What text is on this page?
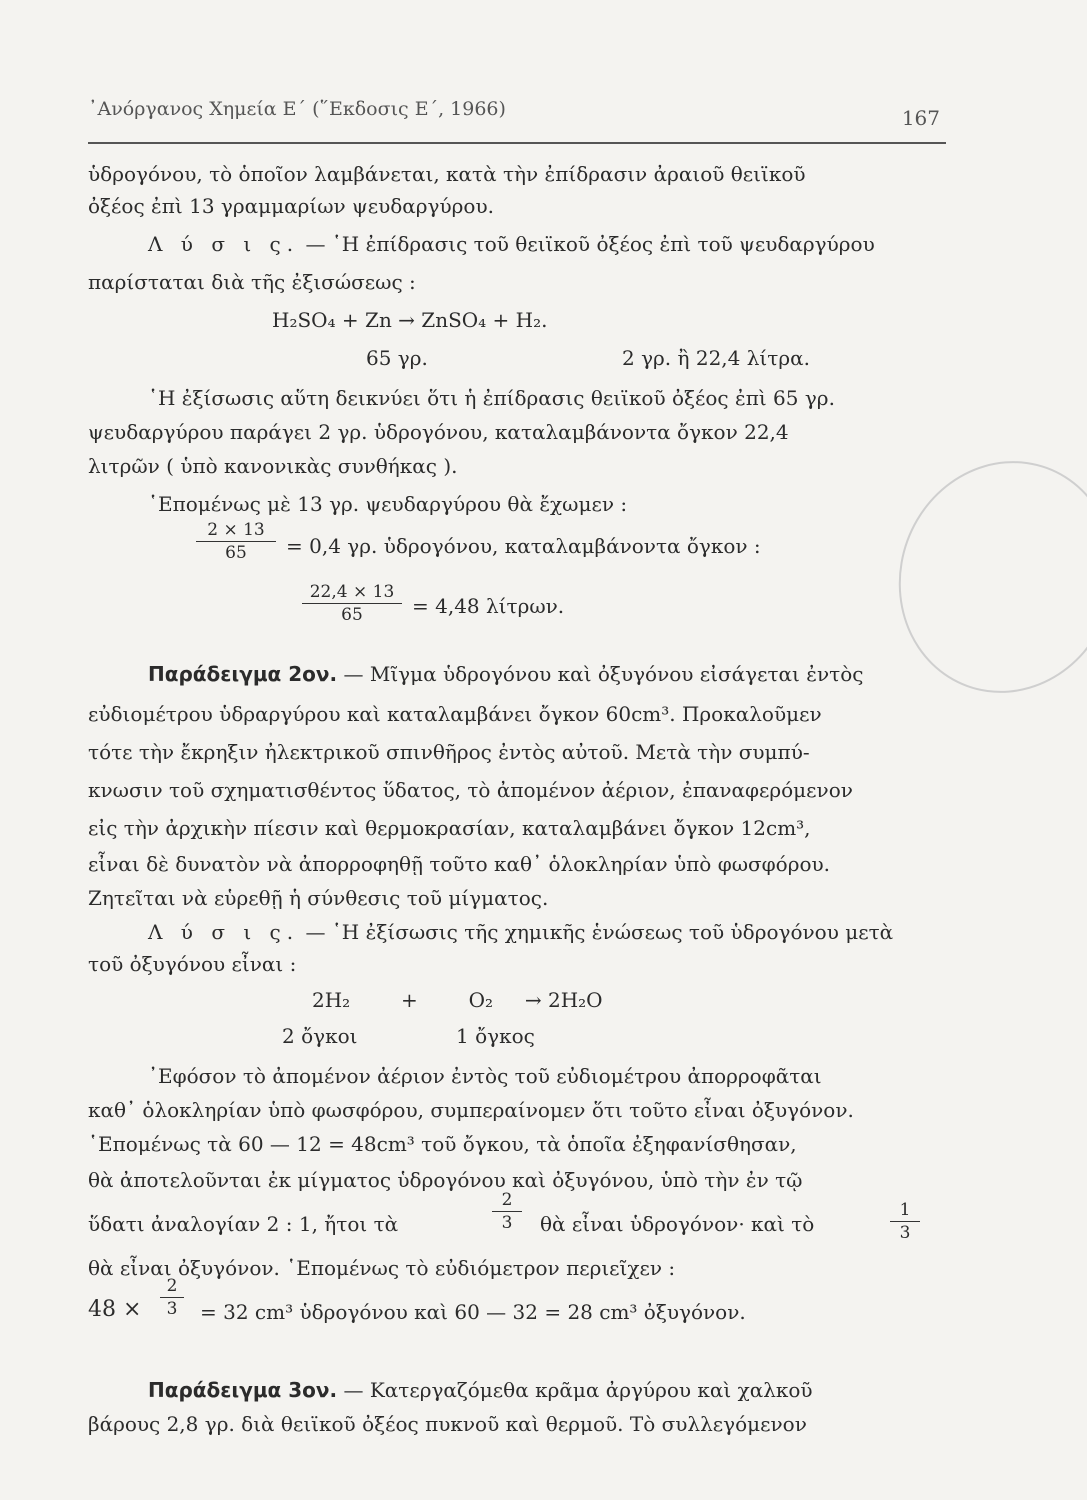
᾿Ανόργανος Χημεία Ε΄ (῞Εκδοσις Ε΄, 1966)	167
ὑδρογόνου, τὸ ὁποῖον λαμβάνεται, κατὰ τὴν ἐπίδρασιν ἀραιοῦ θειϊκοῦ
ὀξέος ἐπὶ 13 γραμμαρίων ψευδαργύρου.
Λ ύ σ ι ς. — ῾Η ἐπίδρασις τοῦ θειϊκοῦ ὀξέος ἐπὶ τοῦ ψευδαργύρου
παρίσταται διὰ τῆς ἐξισώσεως :
H₂SO₄ + Zn → ZnSO₄ + H₂.
65 γρ.	2 γρ. ἢ 22,4 λίτρα.
῾Η ἐξίσωσις αὕτη δεικνύει ὅτι ἡ ἐπίδρασις θειϊκοῦ ὀξέος ἐπὶ 65 γρ.
ψευδαργύρου παράγει 2 γρ. ὑδρογόνου, καταλαμβάνοντα ὄγκον 22,4
λιτρῶν ( ὑπὸ κανονικὰς συνθήκας ).
῾Επομένως μὲ 13 γρ. ψευδαργύρου θὰ ἔχωμεν :
2 × 13
65	= 0,4 γρ. ὑδρογόνου, καταλαμβάνοντα ὄγκον :
22,4 × 13
65	= 4,48 λίτρων.
Παράδειγμα 2ον. — Μῖγμα ὑδρογόνου καὶ ὀξυγόνου εἰσάγεται ἐντὸς
εὐδιομέτρου ὑδραργύρου καὶ καταλαμβάνει ὄγκον 60cm³. Προκαλοῦμεν
τότε τὴν ἔκρηξιν ἠλεκτρικοῦ σπινθῆρος ἐντὸς αὐτοῦ. Μετὰ τὴν συμπύ-
κνωσιν τοῦ σχηματισθέντος ὕδατος, τὸ ἀπομένον ἀέριον, ἐπαναφερόμενον
εἰς τὴν ἀρχικὴν πίεσιν καὶ θερμοκρασίαν, καταλαμβάνει ὄγκον 12cm³,
εἶναι δὲ δυνατὸν νὰ ἀπορροφηθῇ τοῦτο καθ᾿ ὁλοκληρίαν ὑπὸ φωσφόρου.
Ζητεῖται νὰ εὑρεθῇ ἡ σύνθεσις τοῦ μίγματος.
Λ ύ σ ι ς. — ῾Η ἐξίσωσις τῆς χημικῆς ἑνώσεως τοῦ ὑδρογόνου μετὰ
τοῦ ὀξυγόνου εἶναι :
2H₂        +        O₂     → 2H₂O
2 ὄγκοι	1 ὄγκος
᾿Εφόσον τὸ ἀπομένον ἀέριον ἐντὸς τοῦ εὐδιομέτρου ἀπορροφᾶται
καθ᾿ ὁλοκληρίαν ὑπὸ φωσφόρου, συμπεραίνομεν ὅτι τοῦτο εἶναι ὀξυγόνον.
῾Επομένως τὰ 60 — 12 = 48cm³ τοῦ ὄγκου, τὰ ὁποῖα ἐξηφανίσθησαν,
θὰ ἀποτελοῦνται ἐκ μίγματος ὑδρογόνου καὶ ὀξυγόνου, ὑπὸ τὴν ἐν τῷ
ὕδατι ἀναλογίαν 2 : 1, ἤτοι τὰ
2
3	θὰ εἶναι ὑδρογόνον· καὶ τὸ
1
3
θὰ εἶναι ὀξυγόνον. ῾Επομένως τὸ εὐδιόμετρον περιεῖχεν :
48 ×
2
3	= 32 cm³ ὑδρογόνου καὶ 60 — 32 = 28 cm³ ὀξυγόνον.
Παράδειγμα 3ον. — Κατεργαζόμεθα κρᾶμα ἀργύρου καὶ χαλκοῦ
βάρους 2,8 γρ. διὰ θειϊκοῦ ὀξέος πυκνοῦ καὶ θερμοῦ. Τὸ συλλεγόμενον
